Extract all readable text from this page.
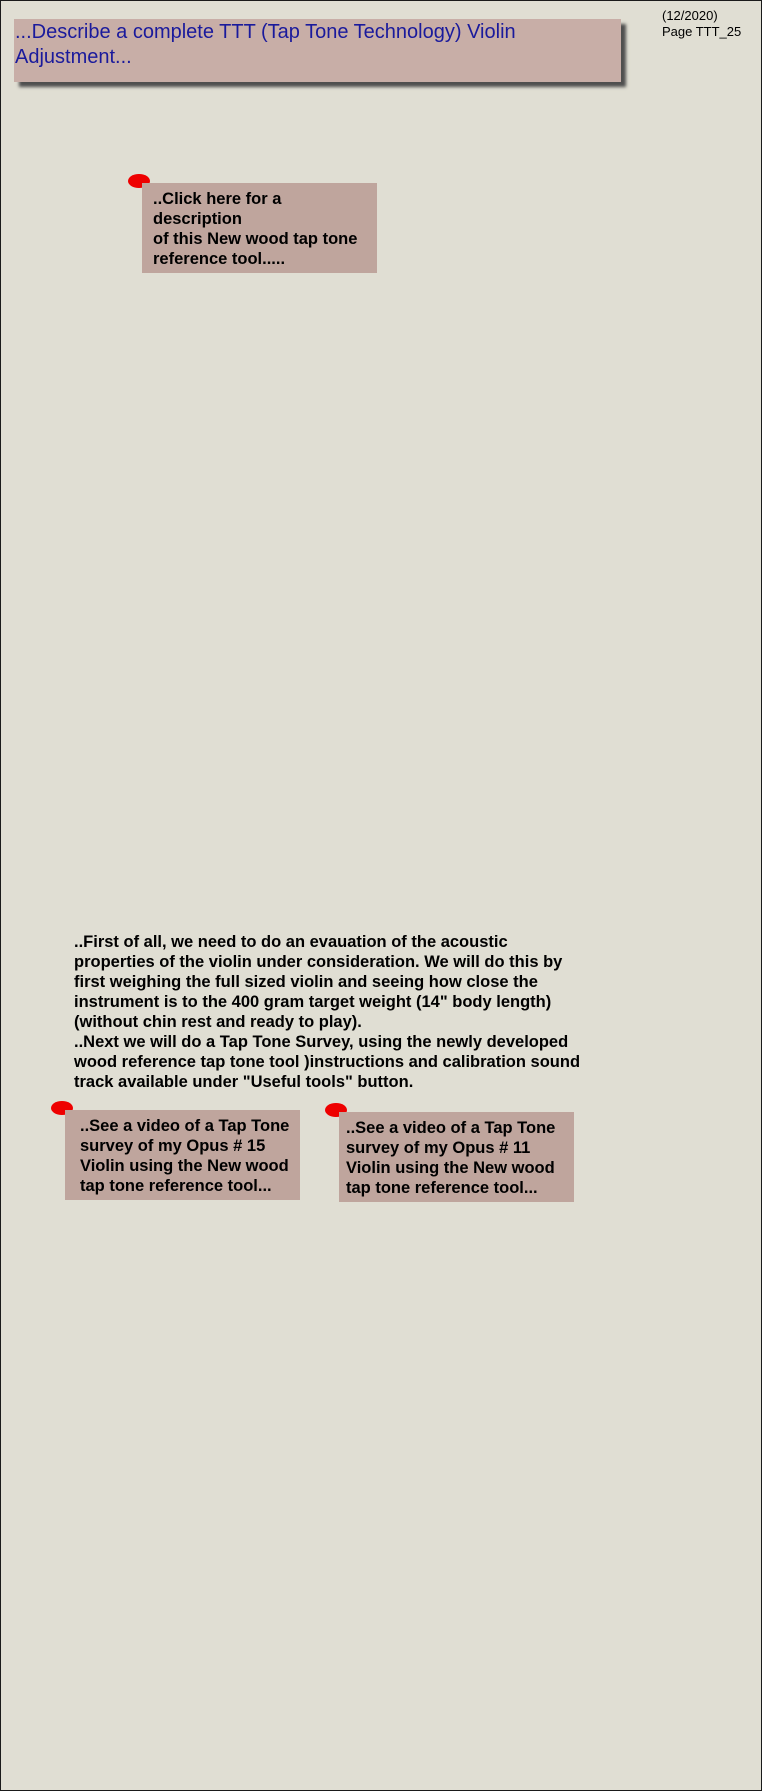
(12/2020)
Page TTT_25
...Describe a complete TTT (Tap Tone Technology) Violin
Adjustment...
..Click here for a description
of this New wood tap tone
reference tool.....
..First of all, we need to do an evauation of the acoustic
properties of the violin under consideration. We will do this by
first weighing the full sized violin and seeing how close the
instrument is to the 400 gram target weight (14" body length)
(without chin rest and ready to play).
..Next we will do a Tap Tone Survey, using the newly developed
wood reference tap tone tool )instructions and calibration sound
track available under "Useful tools" button.
..See a video of a Tap Tone
survey of my Opus # 15
Violin using the New wood
tap tone reference tool...
..See a video of a Tap Tone
survey of my Opus # 11
Violin using the New wood
tap tone reference tool...
